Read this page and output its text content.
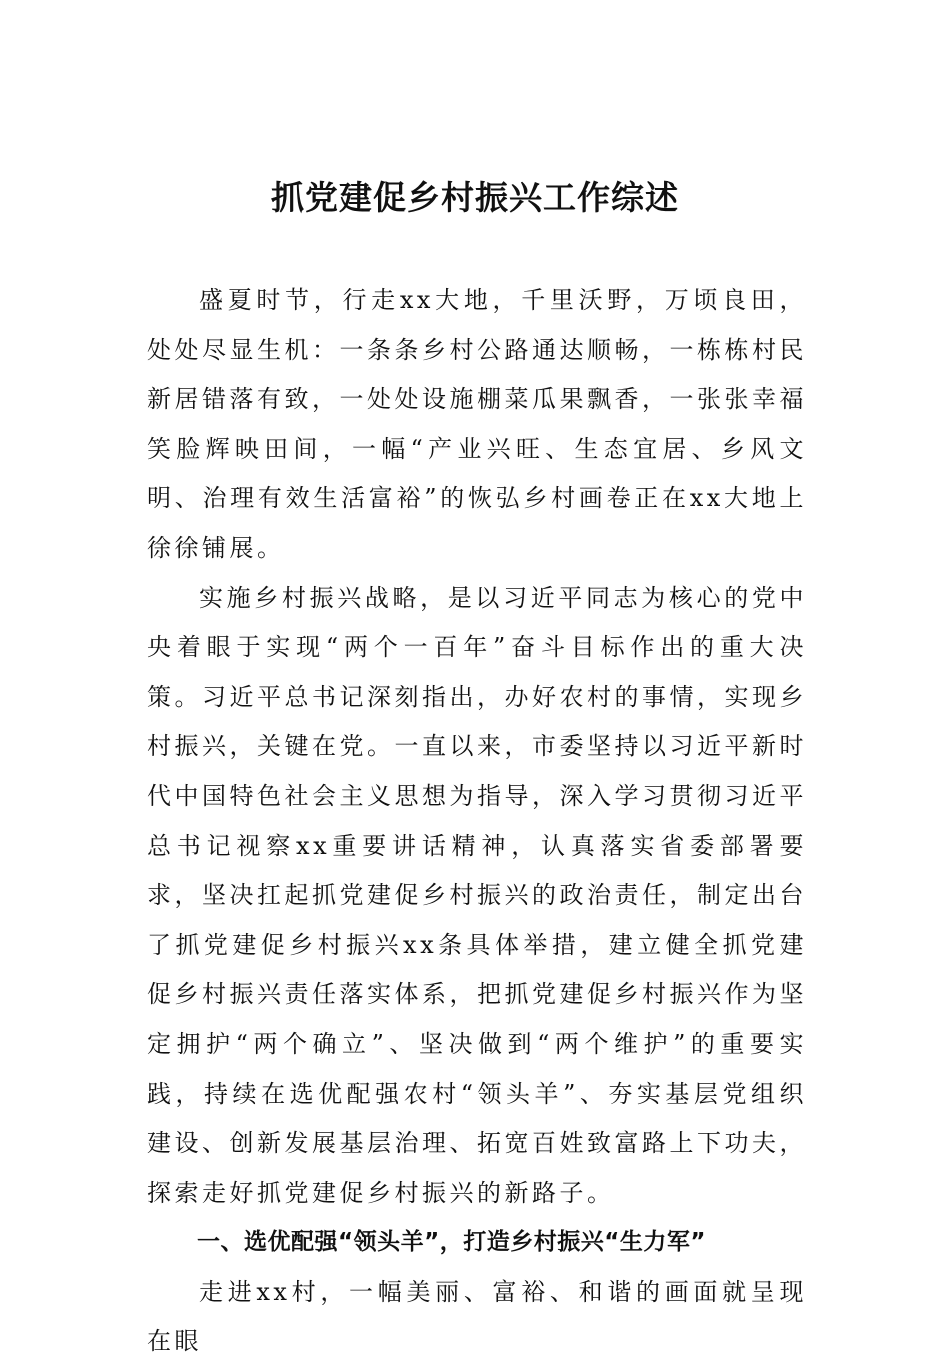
抓党建促乡村振兴工作综述

盛夏时节，行走xx大地，千里沃野，万顷良田，处处尽显生机：一条条乡村公路通达顺畅，一栋栋村民新居错落有致，一处处设施棚菜瓜果飘香，一张张幸福笑脸辉映田间，一幅“产业兴旺、生态宜居、乡风文明、治理有效生活富裕”的恢弘乡村画卷正在xx大地上徐徐铺展。

实施乡村振兴战略，是以习近平同志为核心的党中央着眼于实现“两个一百年”奋斗目标作出的重大决策。习近平总书记深刻指出，办好农村的事情，实现乡村振兴，关键在党。一直以来，市委坚持以习近平新时代中国特色社会主义思想为指导，深入学习贯彻习近平总书记视察xx重要讲话精神，认真落实省委部署要求，坚决扛起抓党建促乡村振兴的政治责任，制定出台了抓党建促乡村振兴xx条具体举措，建立健全抓党建促乡村振兴责任落实体系，把抓党建促乡村振兴作为坚定拥护“两个确立”、坚决做到“两个维护”的重要实践，持续在选优配强农村“领头羊”、夯实基层党组织建设、创新发展基层治理、拓宽百姓致富路上下功夫，探索走好抓党建促乡村振兴的新路子。

一、选优配强“领头羊”，打造乡村振兴“生力军”

走进xx村，一幅美丽、富裕、和谐的画面就呈现在眼
